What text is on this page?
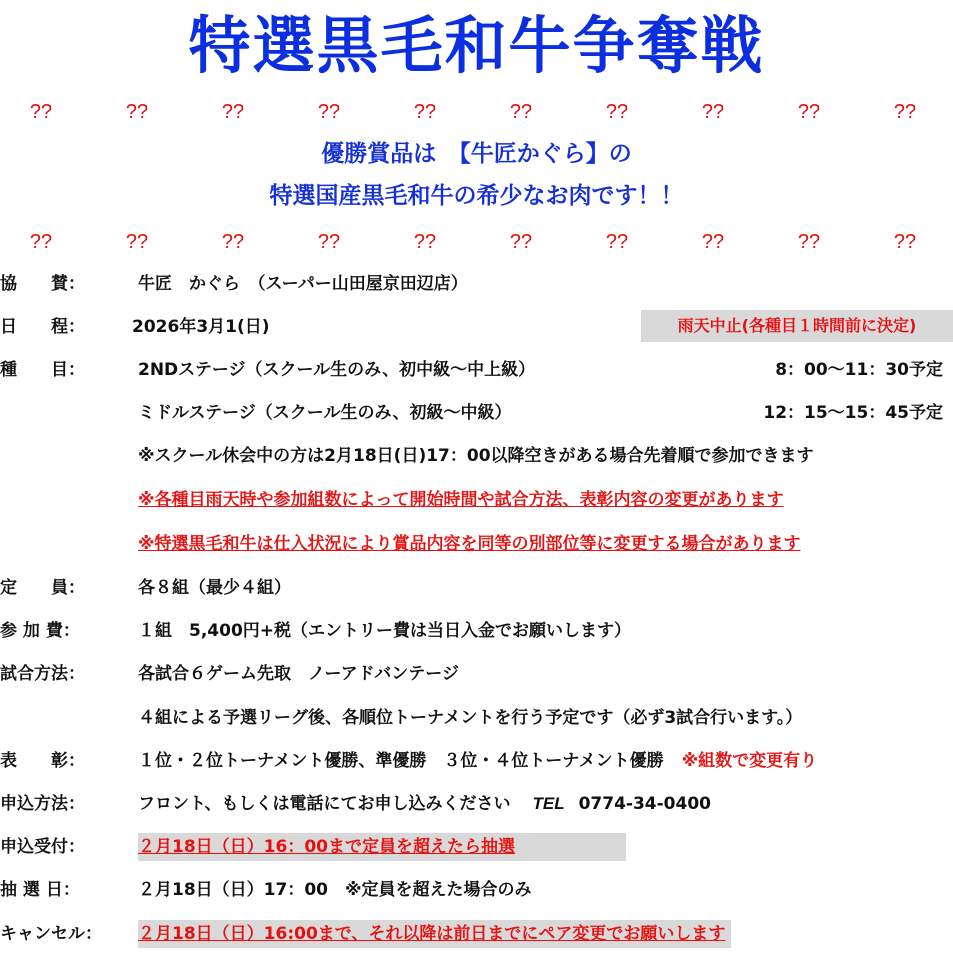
特選黒毛和牛争奪戦
??	??	??	??	??	??	??	??	??	??
優勝賞品は　【牛匠かぐら】の
特選国産黒毛和牛の希少なお肉です！！
??	??	??	??	??	??	??	??	??	??
協　　賛：	牛匠　かぐら　（スーパー山田屋京田辺店）
日　　程：	2026年3月1(日)	雨天中止(各種目１時間前に決定)
種　　目：	2NDステージ（スクール生のみ、初中級～中上級）	8：00～11：30予定
ミドルステージ（スクール生のみ、初級～中級）	12：15～15：45予定
※スクール休会中の方は2月18日(日)17：00以降空きがある場合先着順で参加できます
※各種目雨天時や参加組数によって開始時間や試合方法、表彰内容の変更があります
※特選黒毛和牛は仕入状況により賞品内容を同等の別部位等に変更する場合があります
定　　員：	各８組（最少４組）
参 加 費：	１組　5,400円+税（エントリー費は当日入金でお願いします）
試合方法：	各試合６ゲーム先取　ノーアドバンテージ
４組による予選リーグ後、各順位トーナメントを行う予定です（必ず3試合行います。）
表　　彰：	１位・２位トーナメント優勝、準優勝　３位・４位トーナメント優勝 ※組数で変更有り
申込方法：	フロント、もしくは電話にてお申し込みください TEL 0774-34-0400
申込受付：	２月18日（日）16：00まで定員を超えたら抽選
抽 選 日：	２月18日（日）17：00　※定員を超えた場合のみ
キャンセル：	２月18日（日）16:00まで、それ以降は前日までにペア変更でお願いします
